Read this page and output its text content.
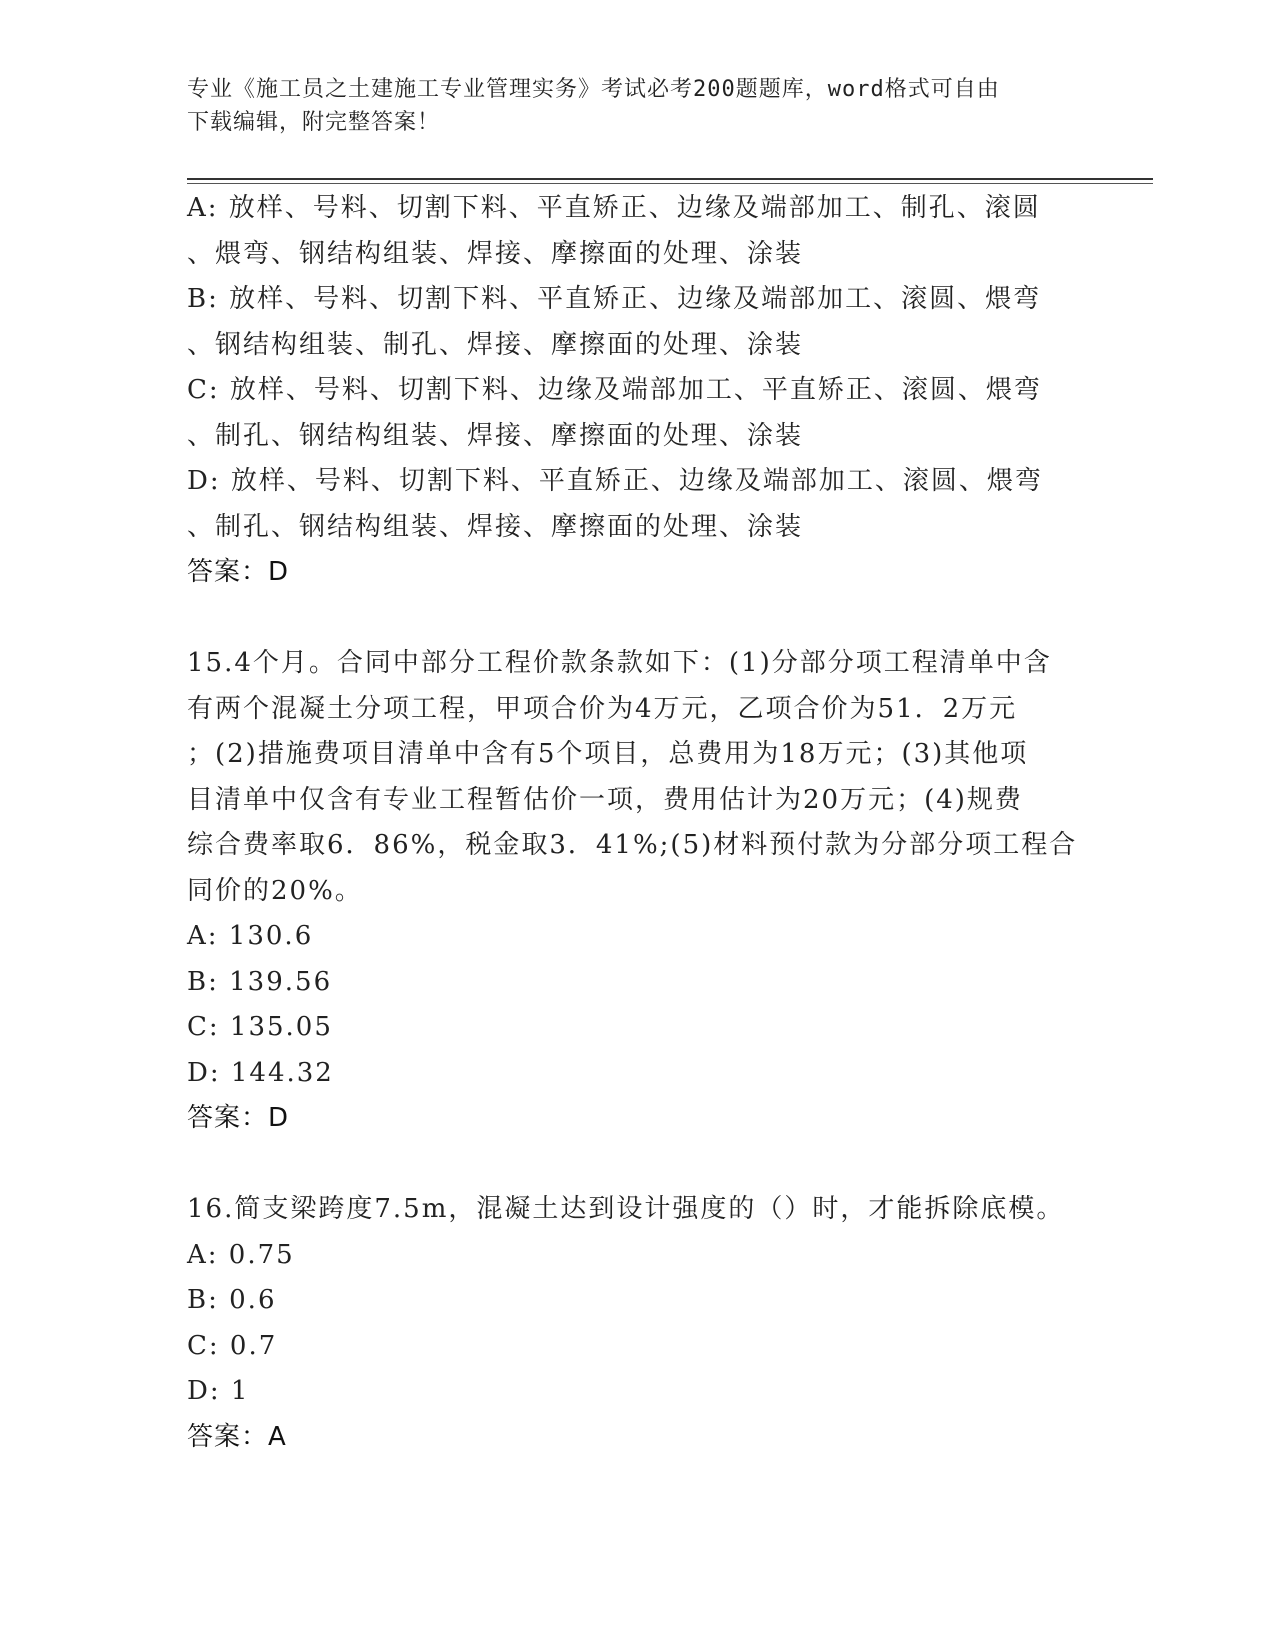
专业《施工员之土建施工专业管理实务》考试必考200题题库，word格式可自由
下载编辑，附完整答案！
A: 放样、号料、切割下料、平直矫正、边缘及端部加工、制孔、滚圆
、煨弯、钢结构组装、焊接、摩擦面的处理、涂装
B: 放样、号料、切割下料、平直矫正、边缘及端部加工、滚圆、煨弯
、钢结构组装、制孔、焊接、摩擦面的处理、涂装
C: 放样、号料、切割下料、边缘及端部加工、平直矫正、滚圆、煨弯
、制孔、钢结构组装、焊接、摩擦面的处理、涂装
D: 放样、号料、切割下料、平直矫正、边缘及端部加工、滚圆、煨弯
、制孔、钢结构组装、焊接、摩擦面的处理、涂装
答案：D
15.4个月。合同中部分工程价款条款如下：(1)分部分项工程清单中含
有两个混凝土分项工程，甲项合价为4万元，乙项合价为51．2万元
；(2)措施费项目清单中含有5个项目，总费用为18万元；(3)其他项
目清单中仅含有专业工程暂估价一项，费用估计为20万元；(4)规费
综合费率取6．86%，税金取3．41%;(5)材料预付款为分部分项工程合
同价的20%。
A: 130.6
B: 139.56
C: 135.05
D: 144.32
答案：D
16.简支梁跨度7.5m，混凝土达到设计强度的（）时，才能拆除底模。
A: 0.75
B: 0.6
C: 0.7
D: 1
答案：A
